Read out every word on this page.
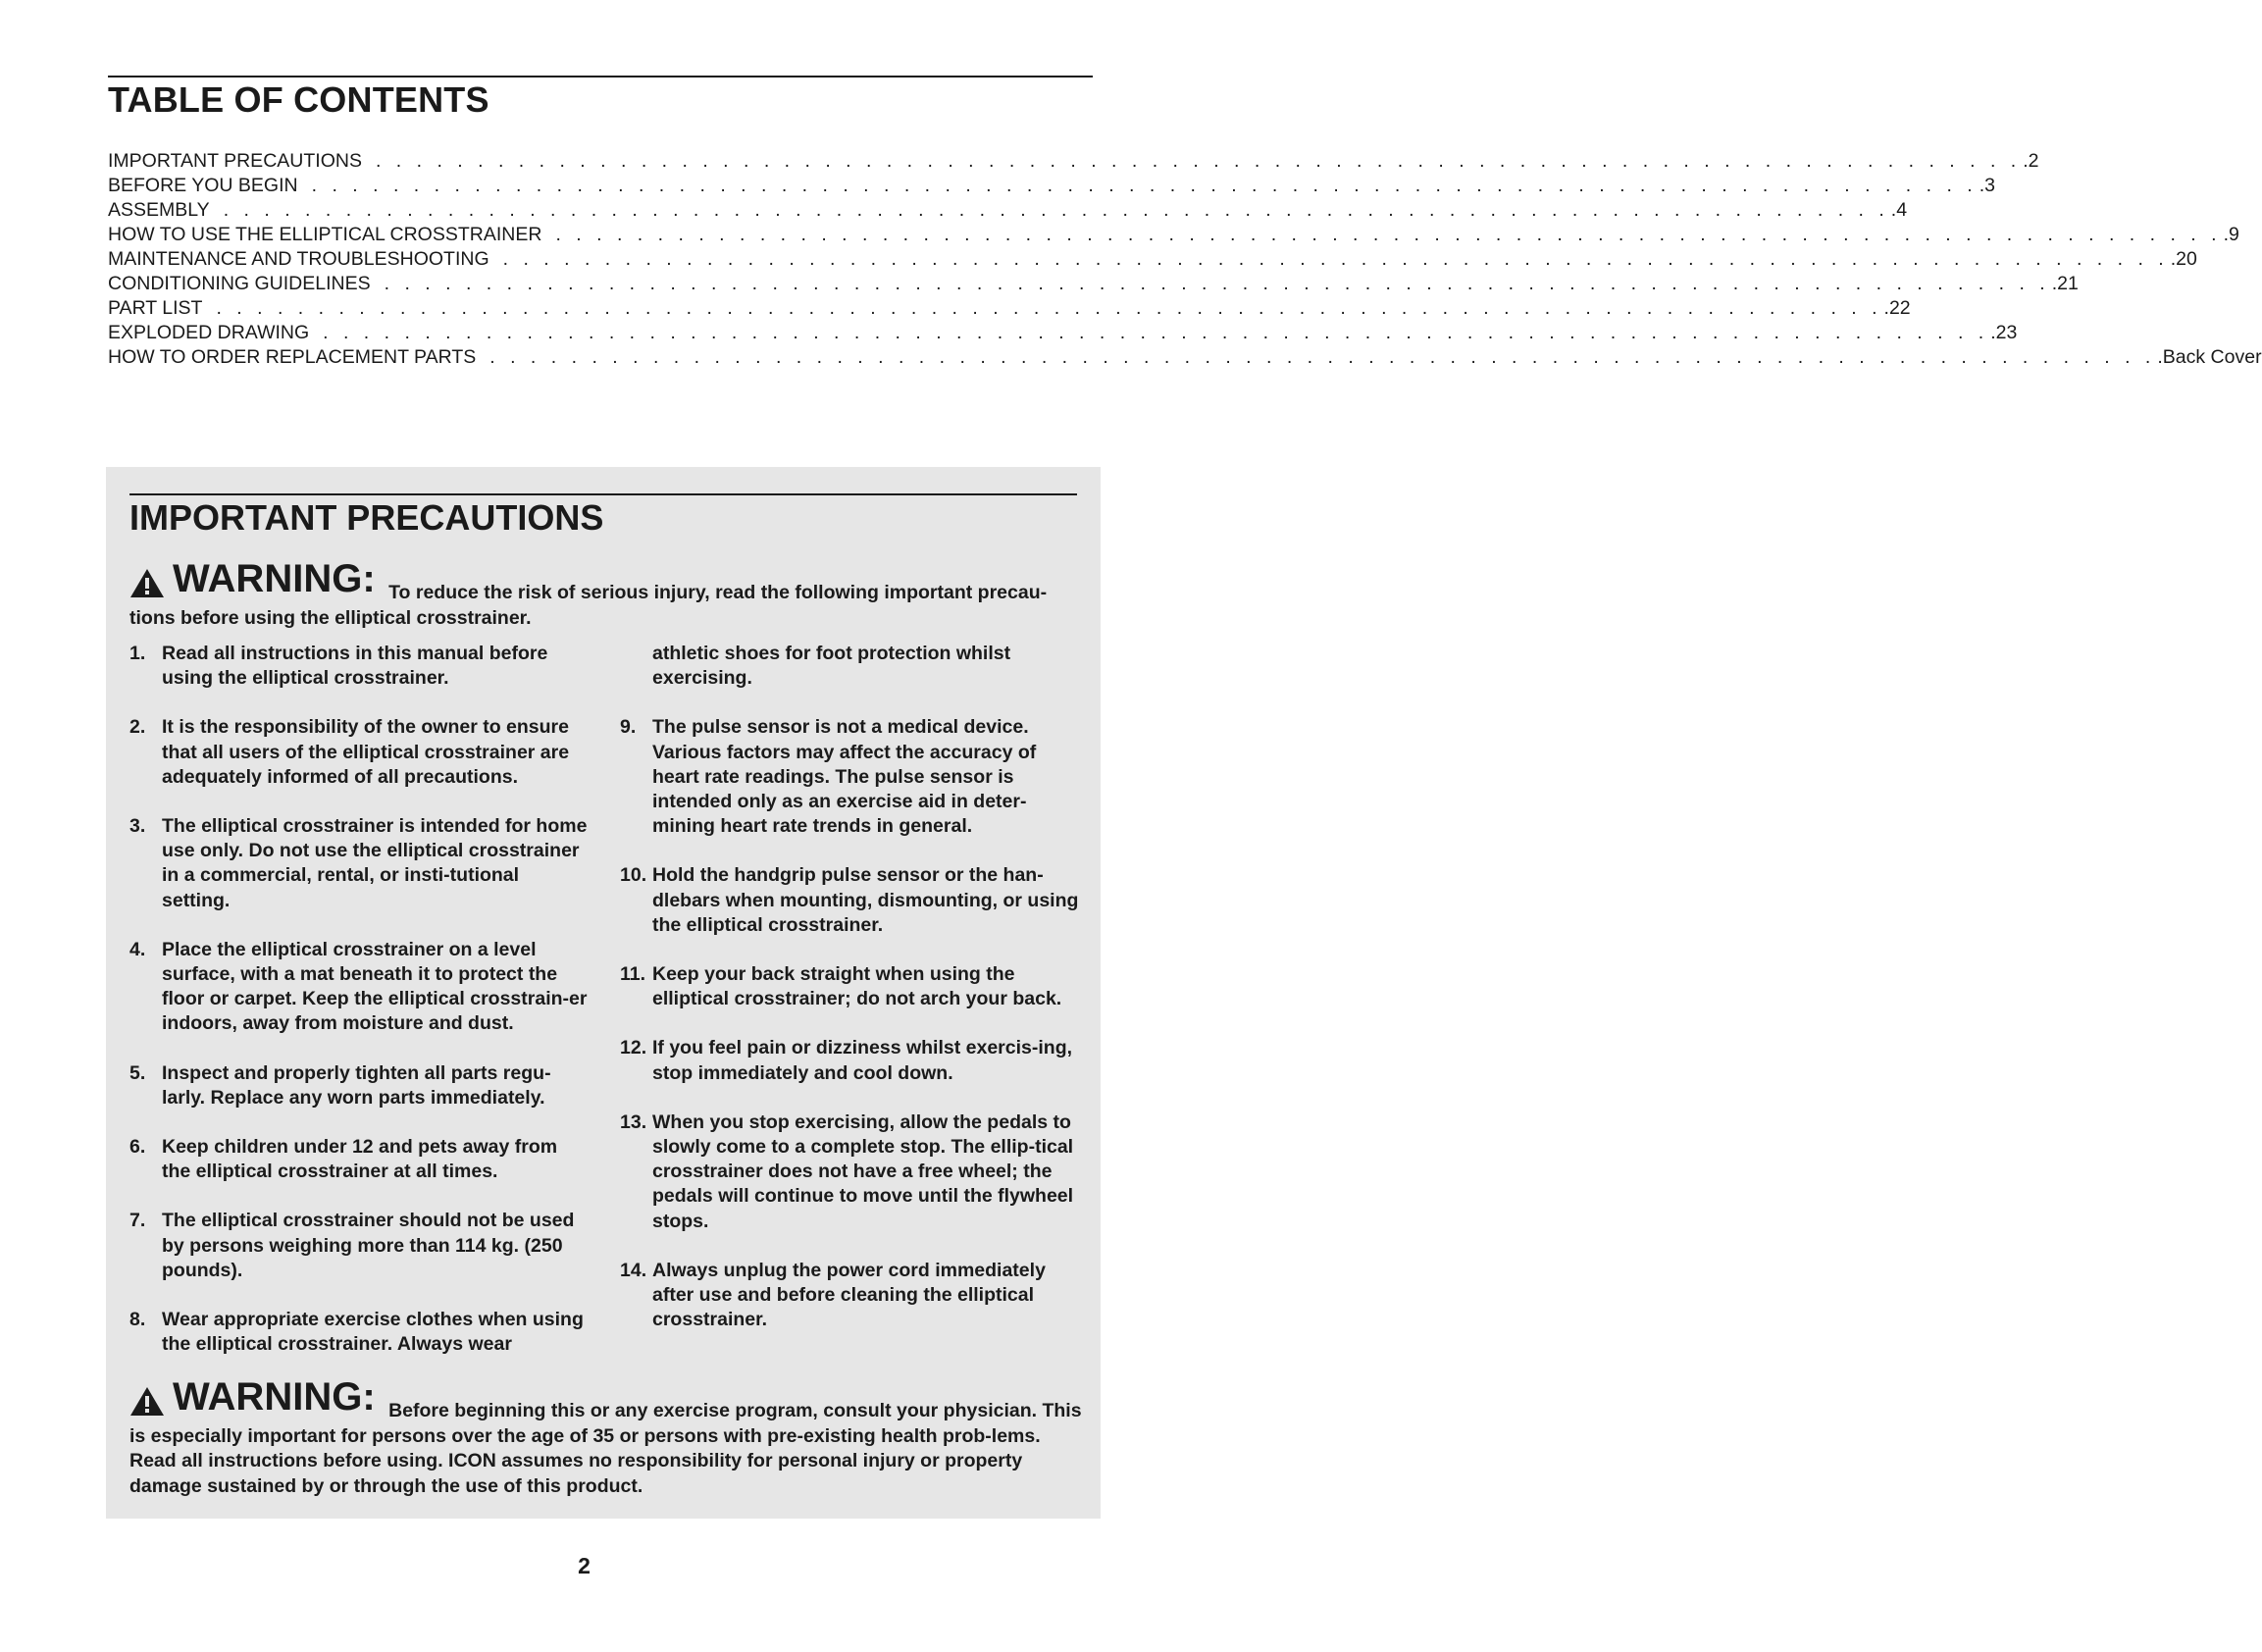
TABLE OF CONTENTS
IMPORTANT PRECAUTIONS . . . . . . . . . . . . . . . . . . . . . . . . . . . . . . . . . . . . . . . . . . . . . . . . . . . . . . . . . . . . . . . . . . . . . . . . . . . . . . . . . .2
BEFORE YOU BEGIN . . . . . . . . . . . . . . . . . . . . . . . . . . . . . . . . . . . . . . . . . . . . . . . . . . . . . . . . . . . . . . . . . . . . . . . . . . . . . . . . . . .3
ASSEMBLY . . . . . . . . . . . . . . . . . . . . . . . . . . . . . . . . . . . . . . . . . . . . . . . . . . . . . . . . . . . . . . . . . . . . . . . . . . . . . . . . . . .4
HOW TO USE THE ELLIPTICAL CROSSTRAINER . . . . . . . . . . . . . . . . . . . . . . . . . . . . . . . . . . . . . . . . . . . . . . . . . . . . . . . . . . . . . . . . . . . . . . . . . . . . . . . . . . .9
MAINTENANCE AND TROUBLESHOOTING . . . . . . . . . . . . . . . . . . . . . . . . . . . . . . . . . . . . . . . . . . . . . . . . . . . . . . . . . . . . . . . . . . . . . . . . . . . . . . . . . . .20
CONDITIONING GUIDELINES . . . . . . . . . . . . . . . . . . . . . . . . . . . . . . . . . . . . . . . . . . . . . . . . . . . . . . . . . . . . . . . . . . . . . . . . . . . . . . . . . . .21
PART LIST . . . . . . . . . . . . . . . . . . . . . . . . . . . . . . . . . . . . . . . . . . . . . . . . . . . . . . . . . . . . . . . . . . . . . . . . . . . . . . . . . . .22
EXPLODED DRAWING . . . . . . . . . . . . . . . . . . . . . . . . . . . . . . . . . . . . . . . . . . . . . . . . . . . . . . . . . . . . . . . . . . . . . . . . . . . . . . . . . . .23
HOW TO ORDER REPLACEMENT PARTS . . . . . . . . . . . . . . . . . . . . . . . . . . . . . . . . . . . . . . . . . . . . . . . . . . . . . . . . . . . . . . . . . . . . . . . . . . . . . . . . . . .Back Cover
IMPORTANT PRECAUTIONS
WARNING: To reduce the risk of serious injury, read the following important precau-tions before using the elliptical crosstrainer.
1. Read all instructions in this manual before using the elliptical crosstrainer.
2. It is the responsibility of the owner to ensure that all users of the elliptical crosstrainer are adequately informed of all precautions.
3. The elliptical crosstrainer is intended for home use only. Do not use the elliptical crosstrainer in a commercial, rental, or insti-tutional setting.
4. Place the elliptical crosstrainer on a level surface, with a mat beneath it to protect the floor or carpet. Keep the elliptical crosstrain-er indoors, away from moisture and dust.
5. Inspect and properly tighten all parts regu-larly. Replace any worn parts immediately.
6. Keep children under 12 and pets away from the elliptical crosstrainer at all times.
7. The elliptical crosstrainer should not be used by persons weighing more than 114 kg. (250 pounds).
8. Wear appropriate exercise clothes when using the elliptical crosstrainer. Always wear
athletic shoes for foot protection whilst exercising.
9. The pulse sensor is not a medical device. Various factors may affect the accuracy of heart rate readings. The pulse sensor is intended only as an exercise aid in deter-mining heart rate trends in general.
10. Hold the handgrip pulse sensor or the han-dlebars when mounting, dismounting, or using the elliptical crosstrainer.
11. Keep your back straight when using the elliptical crosstrainer; do not arch your back.
12. If you feel pain or dizziness whilst exercis-ing, stop immediately and cool down.
13. When you stop exercising, allow the pedals to slowly come to a complete stop. The ellip-tical crosstrainer does not have a free wheel; the pedals will continue to move until the flywheel stops.
14. Always unplug the power cord immediately after use and before cleaning the elliptical crosstrainer.
WARNING: Before beginning this or any exercise program, consult your physician. This is especially important for persons over the age of 35 or persons with pre-existing health prob-lems. Read all instructions before using. ICON assumes no responsibility for personal injury or property damage sustained by or through the use of this product.
2
